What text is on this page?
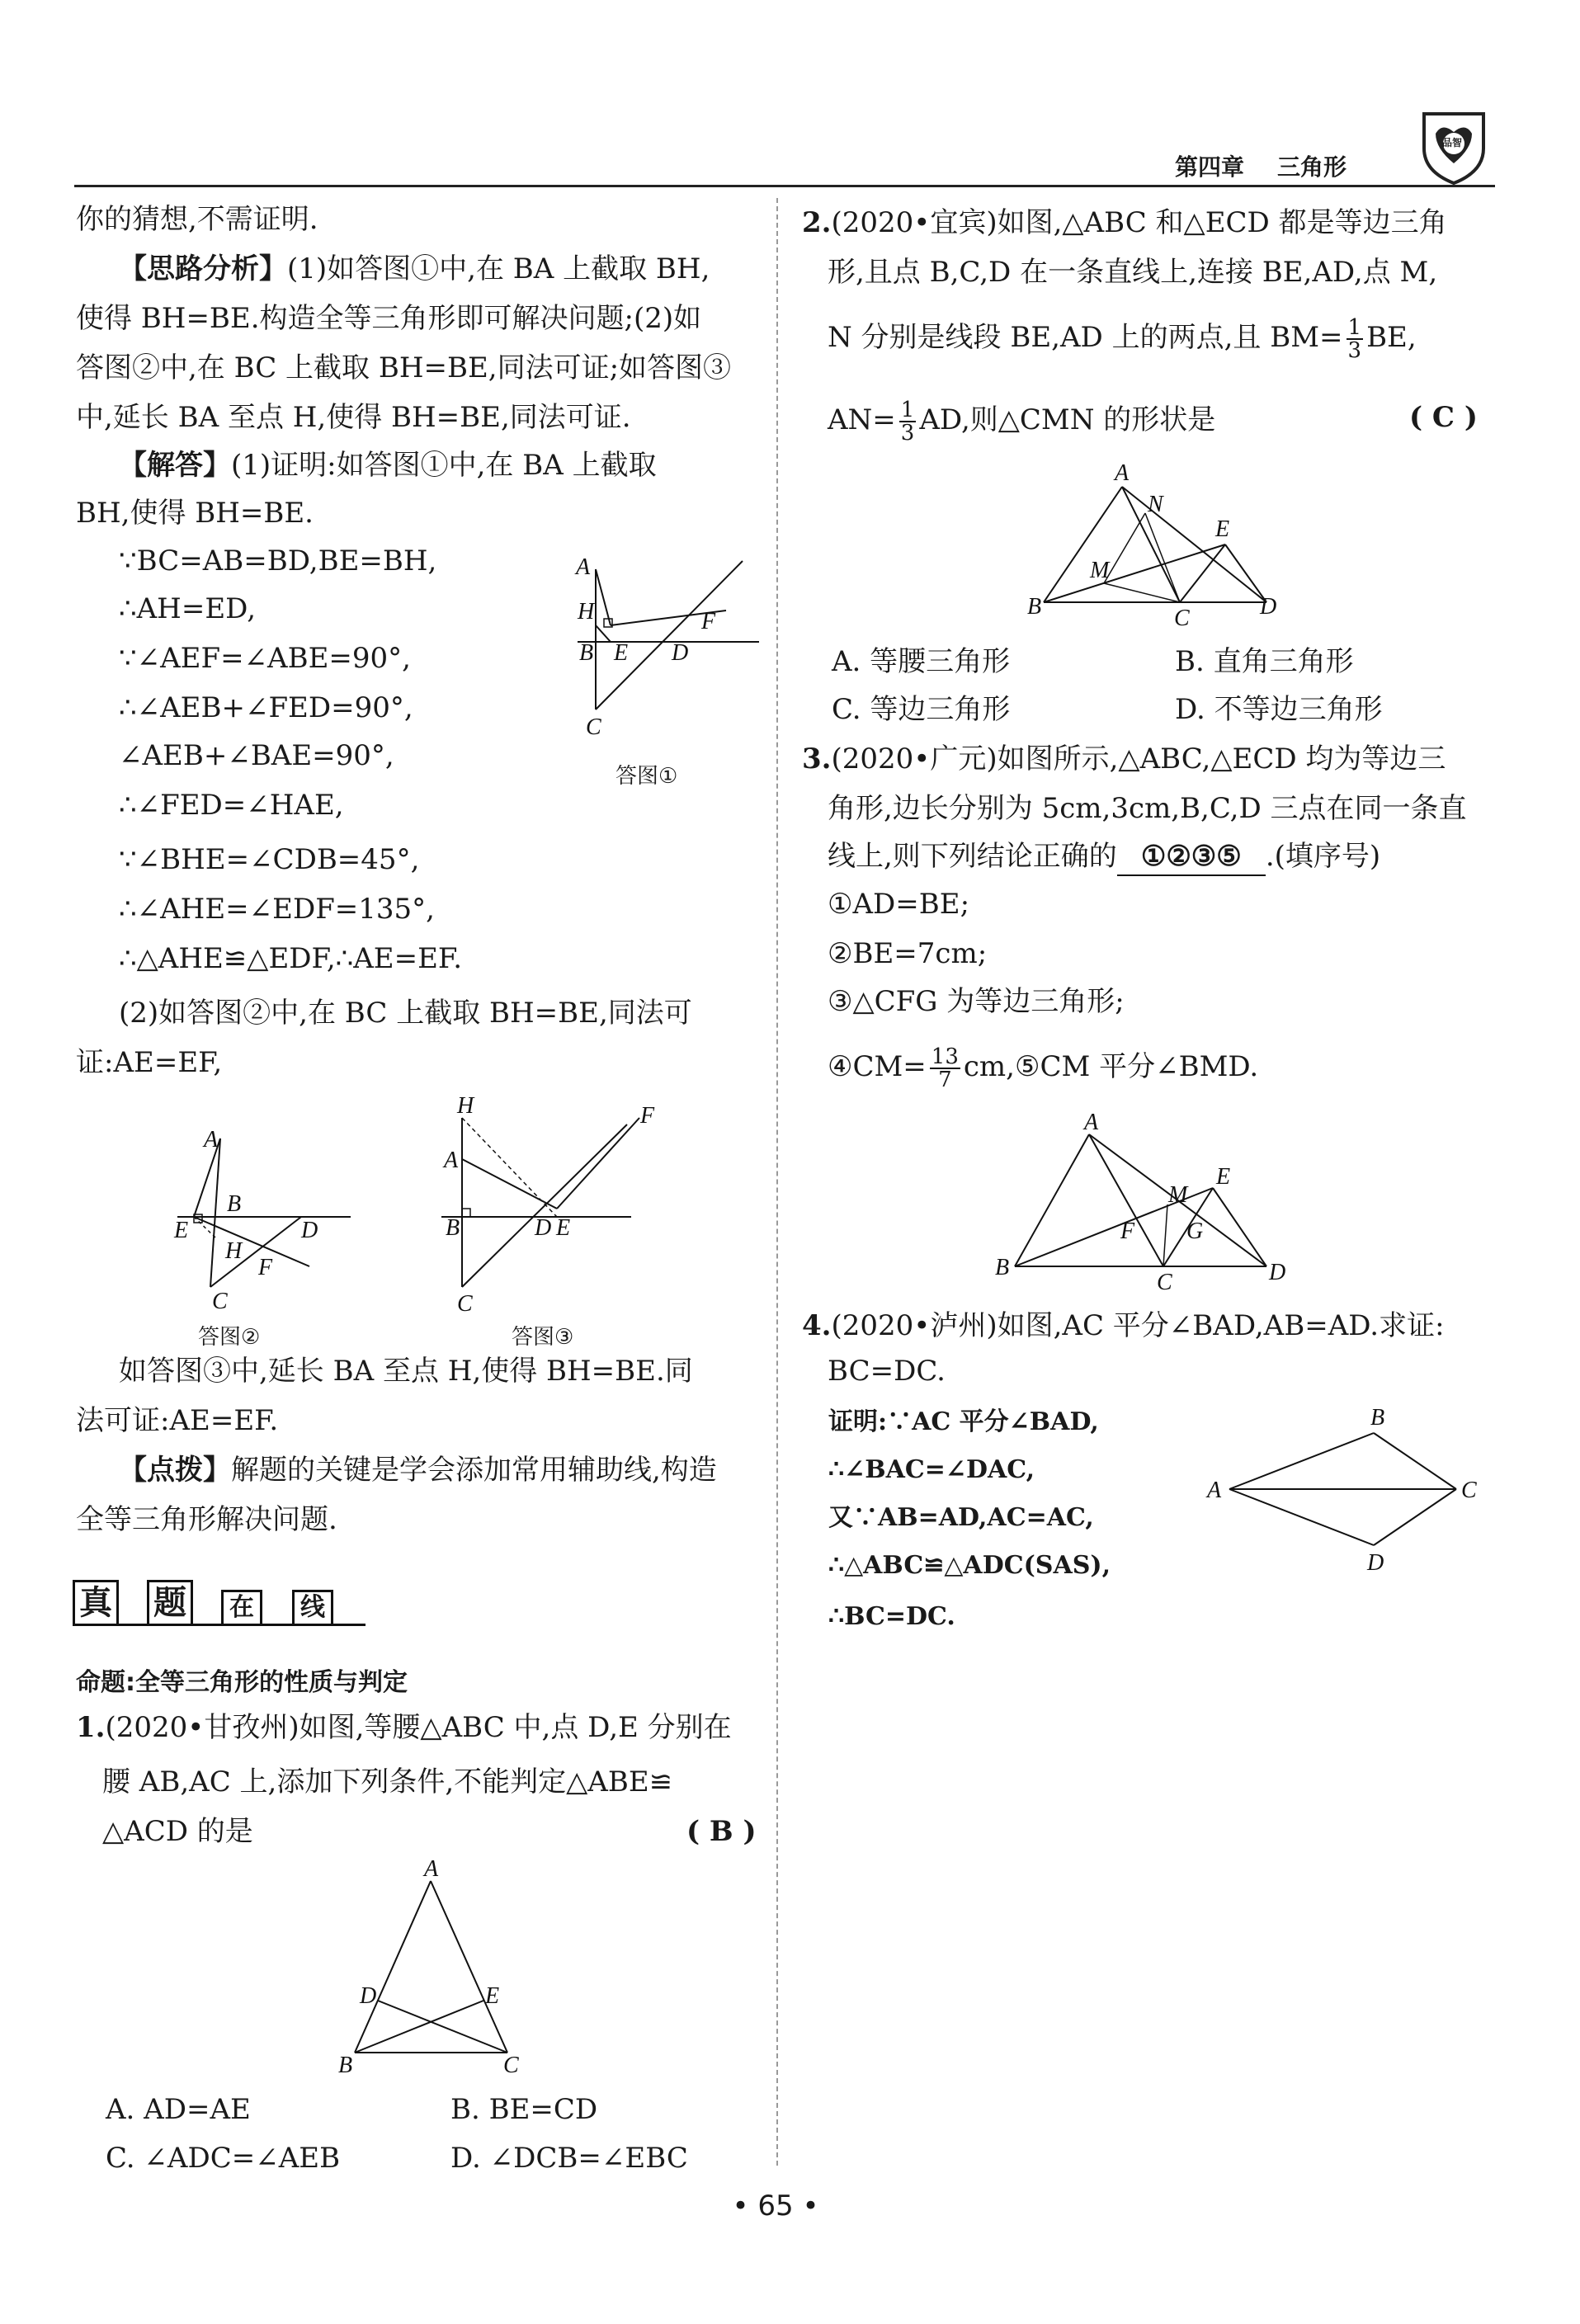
第四章 三角形
品智
你的猜想,不需证明.
【思路分析】(1)如答图①中,在 BA 上截取 BH,
使得 BH=BE.构造全等三角形即可解决问题;(2)如
答图②中,在 BC 上截取 BH=BE,同法可证;如答图③
中,延长 BA 至点 H,使得 BH=BE,同法可证.
【解答】(1)证明:如答图①中,在 BA 上截取
BH,使得 BH=BE.
∵BC=AB=BD,BE=BH,
∴AH=ED,
∵∠AEF=∠ABE=90°,
∴∠AEB+∠FED=90°,
∠AEB+∠BAE=90°,
∴∠FED=∠HAE,
∵∠BHE=∠CDB=45°,
∴∠AHE=∠EDF=135°,
∴△AHE≌△EDF,∴AE=EF.
A
H
B E D
F
C
答图①
(2)如答图②中,在 BC 上截取 BH=BE,同法可
证:AE=EF,
A
B
E	D
H
F
C
答图②
H
A
B	D E
F
C
答图③
如答图③中,延长 BA 至点 H,使得 BH=BE.同
法可证:AE=EF.
【点拨】解题的关键是学会添加常用辅助线,构造
全等三角形解决问题.
真 题	在	线
命题:全等三角形的性质与判定
1.(2020•甘孜州)如图,等腰△ABC 中,点 D,E 分别在
腰 AB,AC 上,添加下列条件,不能判定△ABE≌
△ACD 的是	( B )
A
D	E
B	C
A. AD=AE	B. BE=CD
C. ∠ADC=∠AEB	D. ∠DCB=∠EBC
2.(2020•宜宾)如图,△ABC 和△ECD 都是等边三角
形,且点 B,C,D 在一条直线上,连接 BE,AD,点 M,
N 分别是线段 BE,AD 上的两点,且 $BM= \frac{1}{3}$ BE,
$AN= \frac{1}{3}$ AD,则△CMN 的形状是	( C )
A
N
E
M
B	C	D
A. 等腰三角形	B. 直角三角形
C. 等边三角形	D. 不等边三角形
3.(2020•广元)如图所示,△ABC,△ECD 均为等边三
角形,边长分别为 5cm,3cm,B,C,D 三点在同一条直
线上,则下列结论正确的 ①②③⑤ .(填序号)
①AD=BE;
②BE=7cm;
③△CFG 为等边三角形;
④CM= $\frac{13}{7}$ cm,⑤CM 平分∠BMD.
A
E
M
F G
B
C	D
4.(2020•泸州)如图,AC 平分∠BAD,AB=AD.求证:
BC=DC.
证明:∵AC 平分∠BAD,
∴∠BAC=∠DAC,
又∵AB=AD,AC=AC,
∴△ABC≌△ADC(SAS),
∴BC=DC.
B
A	C
D
• 65 •
